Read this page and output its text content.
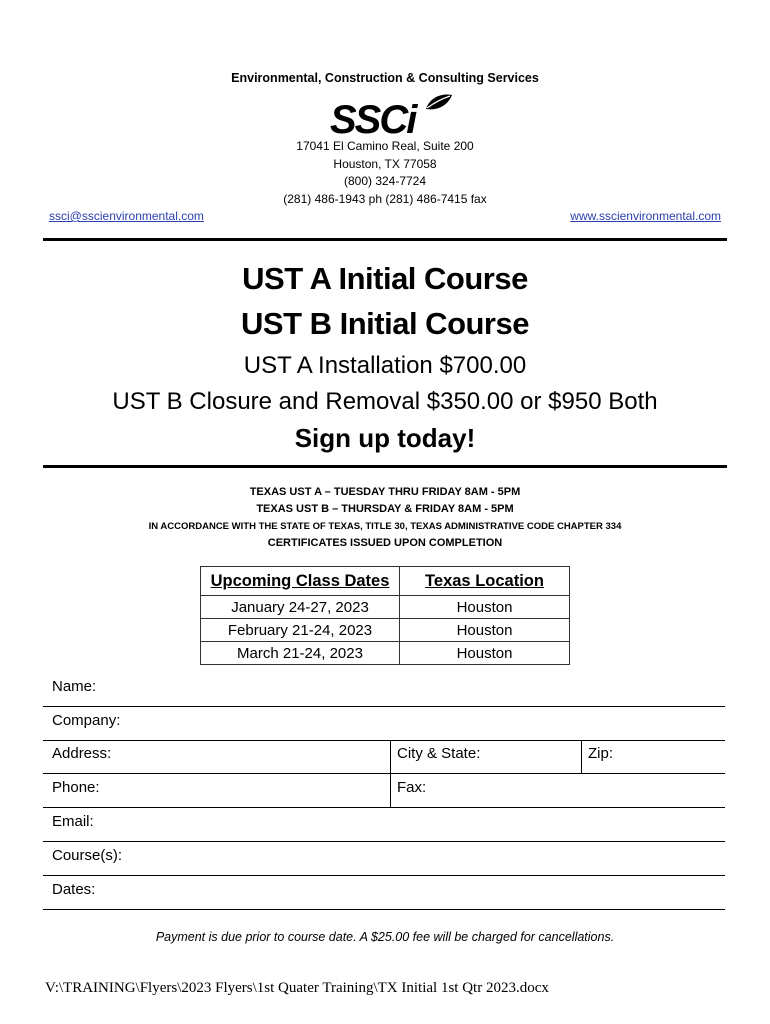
Environmental, Construction & Consulting Services
SSCi
17041 El Camino Real, Suite 200
Houston, TX 77058
(800) 324-7724
(281) 486-1943 ph (281) 486-7415 fax
ssci@sscienvironmental.com	www.sscienvironmental.com
UST A Initial Course
UST B Initial Course
UST A Installation $700.00
UST B Closure and Removal $350.00 or $950 Both
Sign up today!
TEXAS UST A – TUESDAY THRU FRIDAY 8AM - 5PM
TEXAS UST B – THURSDAY & FRIDAY 8AM - 5PM
IN ACCORDANCE WITH THE STATE OF TEXAS, TITLE 30, TEXAS ADMINISTRATIVE CODE CHAPTER 334
CERTIFICATES ISSUED UPON COMPLETION
Upcoming Class Dates	Texas Location
January 24-27, 2023	Houston
February 21-24, 2023	Houston
March 21-24, 2023	Houston
Name:
Company:
Address:	City & State:	Zip:
Phone:	Fax:
Email:
Course(s):
Dates:
Payment is due prior to course date. A $25.00 fee will be charged for cancellations.
V:\TRAINING\Flyers\2023 Flyers\1st Quater Training\TX Initial 1st Qtr 2023.docx
